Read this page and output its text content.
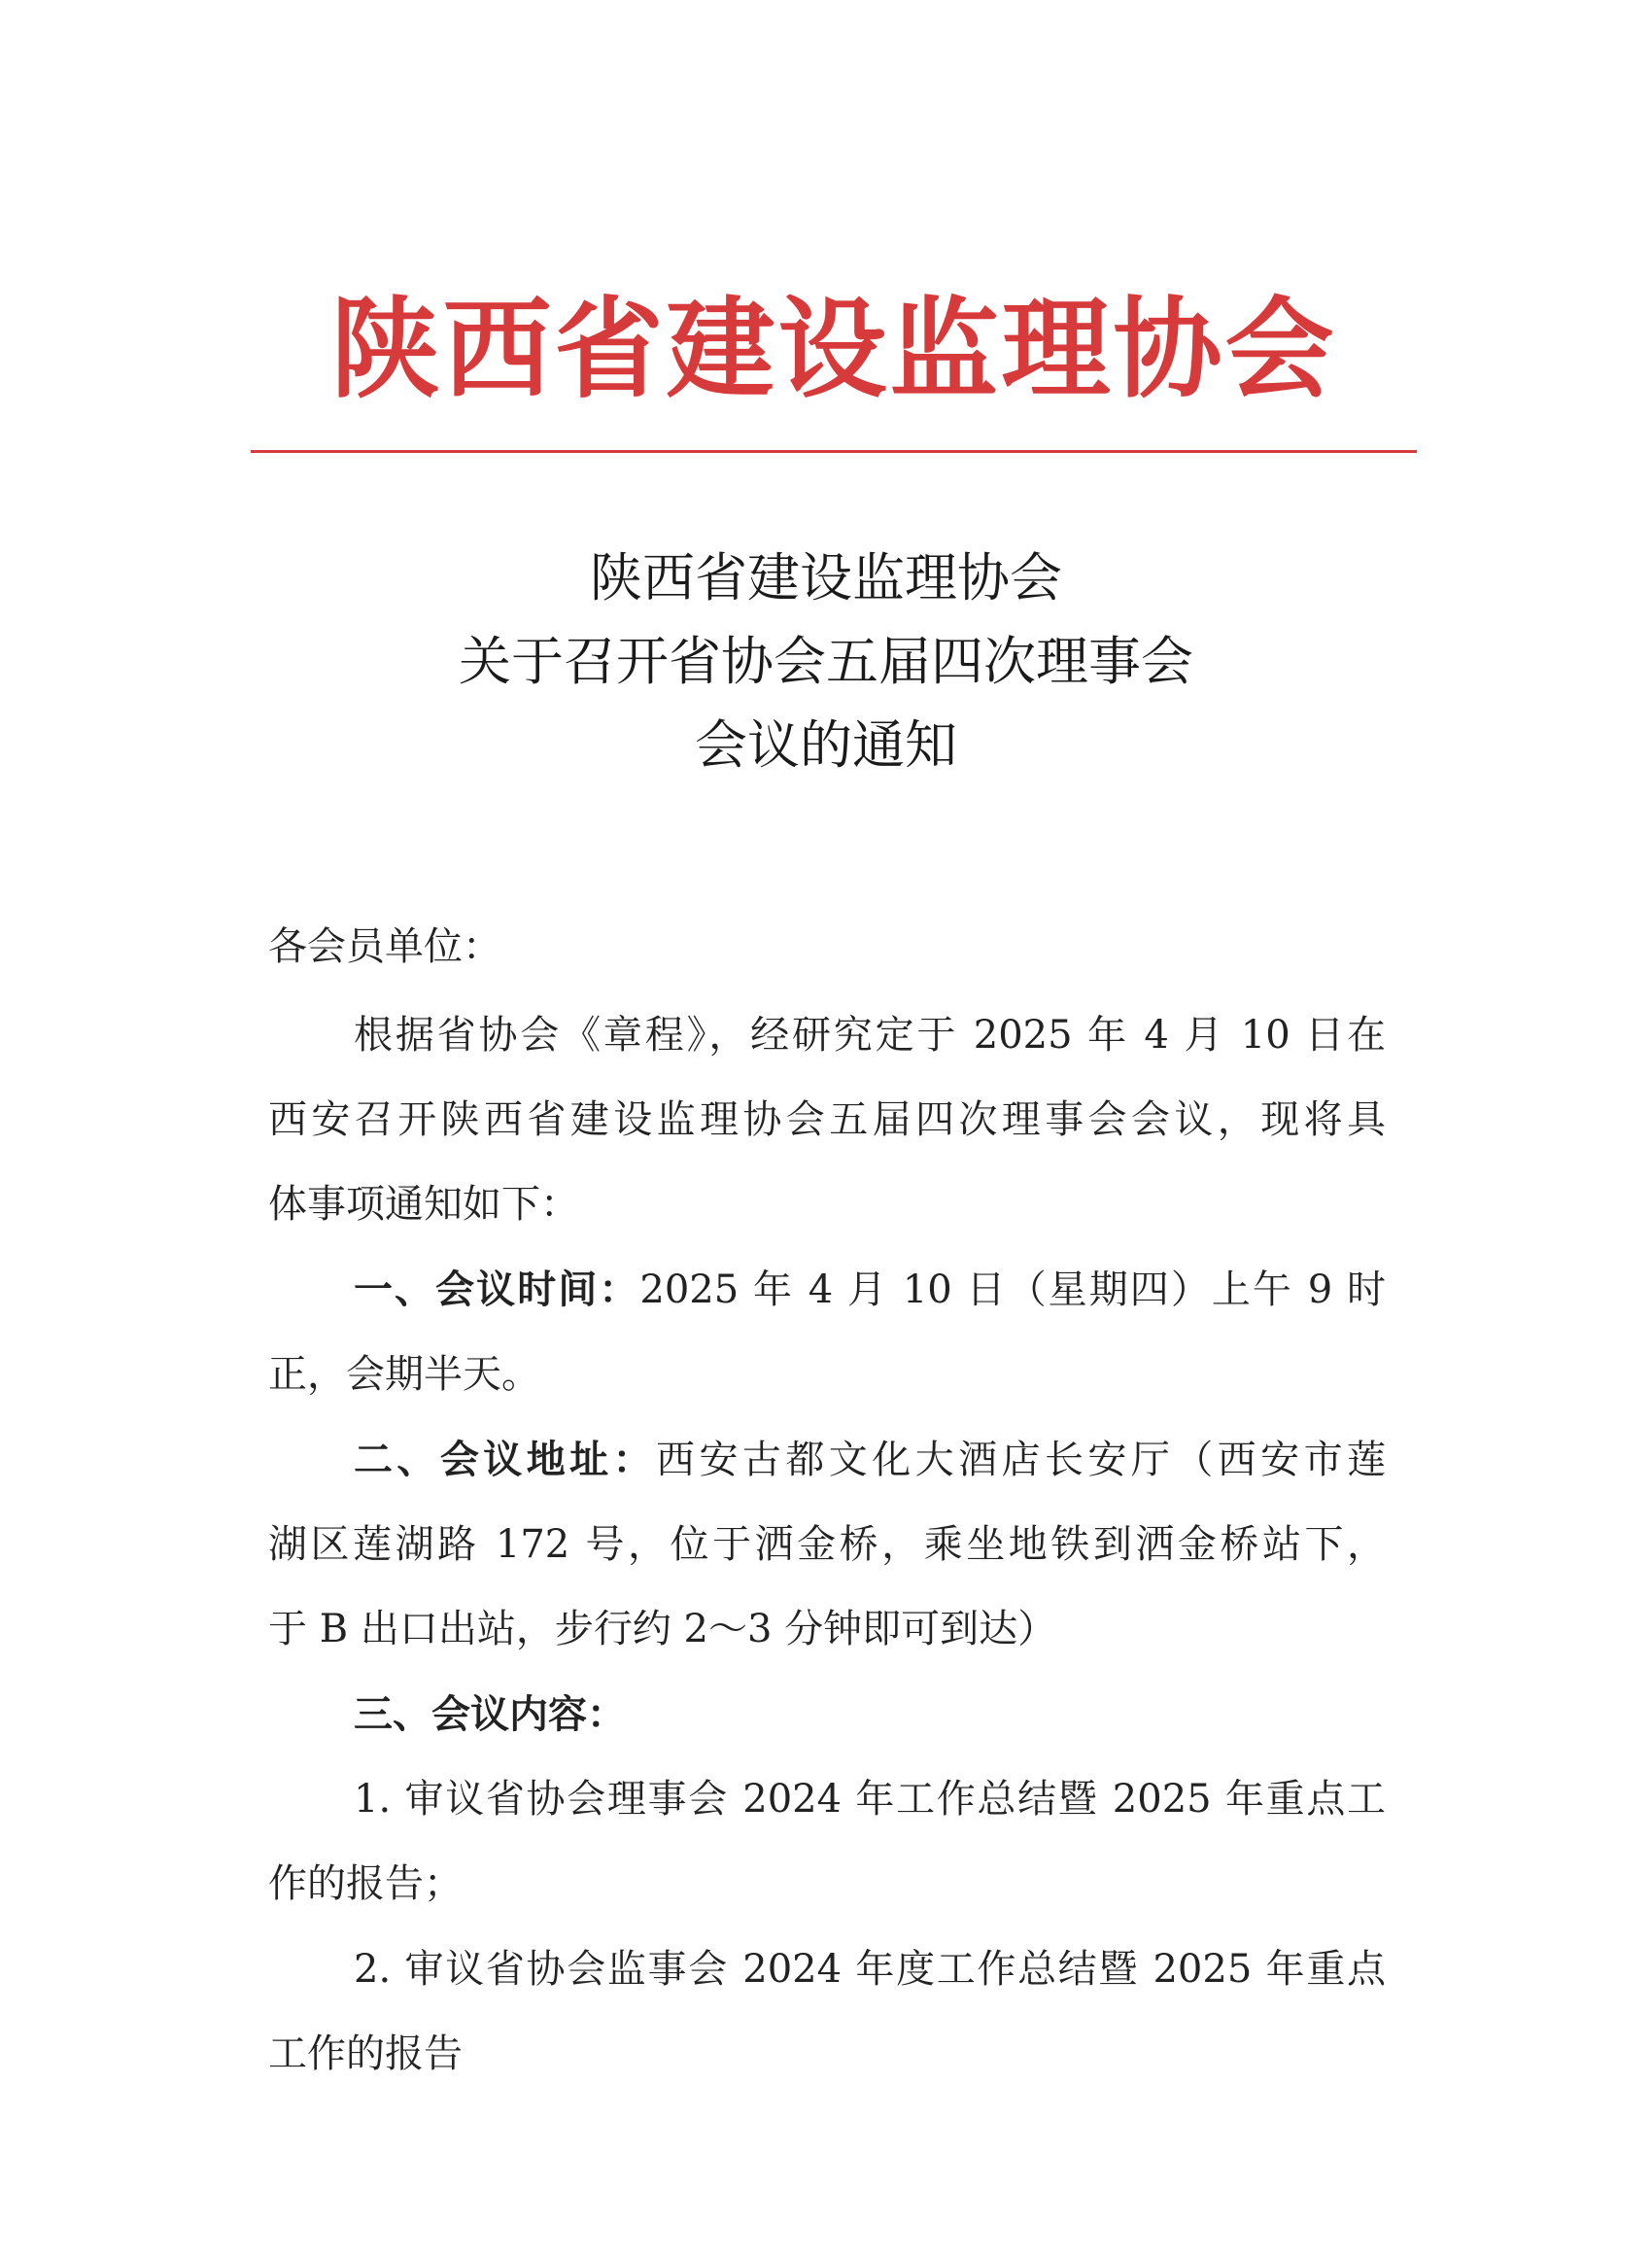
陕西省建设监理协会
陕西省建设监理协会
关于召开省协会五届四次理事会
会议的通知
各会员单位：
根据省协会《章程》，经研究定于 2025 年 4 月 10 日在
西安召开陕西省建设监理协会五届四次理事会会议，现将具
体事项通知如下：
一、会议时间：2025 年 4 月 10 日（星期四）上午 9 时
正，会期半天。
二、会议地址：西安古都文化大酒店长安厅（西安市莲
湖区莲湖路 172 号，位于洒金桥，乘坐地铁到洒金桥站下，
于 B 出口出站，步行约 2～3 分钟即可到达）
三、会议内容：
1. 审议省协会理事会 2024 年工作总结暨 2025 年重点工
作的报告；
2. 审议省协会监事会 2024 年度工作总结暨 2025 年重点
工作的报告
